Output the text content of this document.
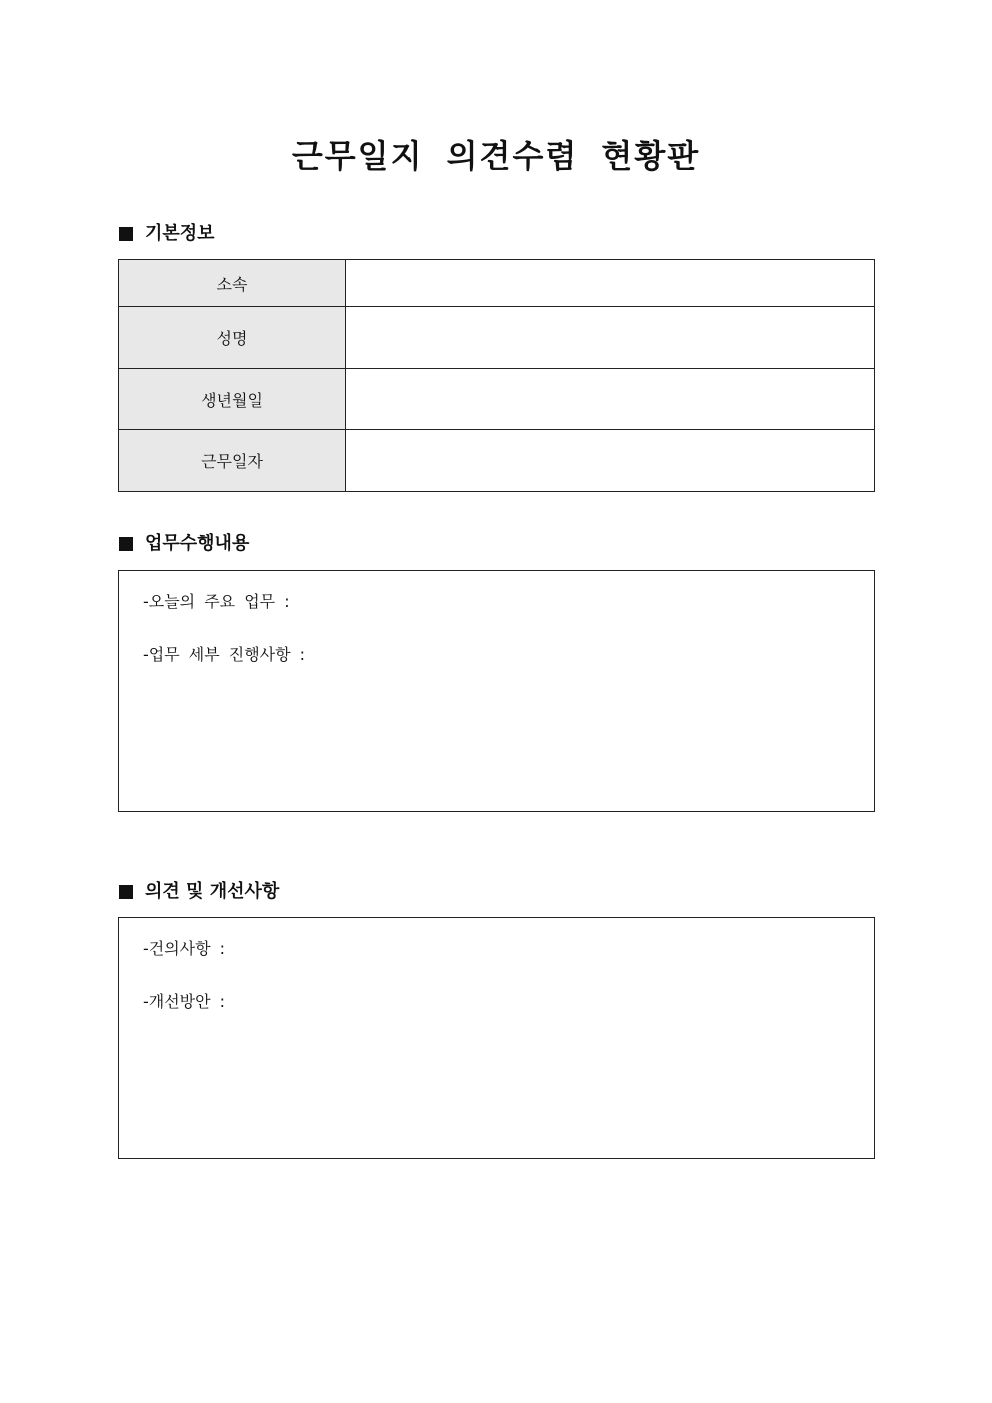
근무일지 의견수렴 현황판
기본정보
소속	
성명	
생년월일	
근무일자	
업무수행내용
-오늘의 주요 업무 :
-업무 세부 진행사항 :
의견 및 개선사항
-건의사항 :
-개선방안 :
